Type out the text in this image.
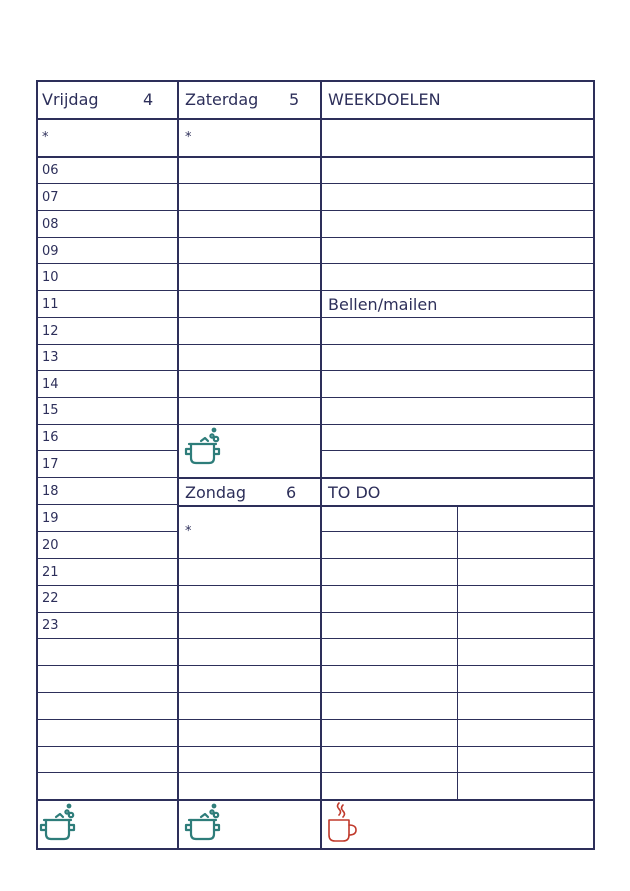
Vrijdag	4
*
06
07
08
09
10
11
12
13
14
15
16
17
18
19
20
21
22
23
Zaterdag 5
*
Zondag 6
*
WEEKDOELEN
Bellen/mailen
TO DO
